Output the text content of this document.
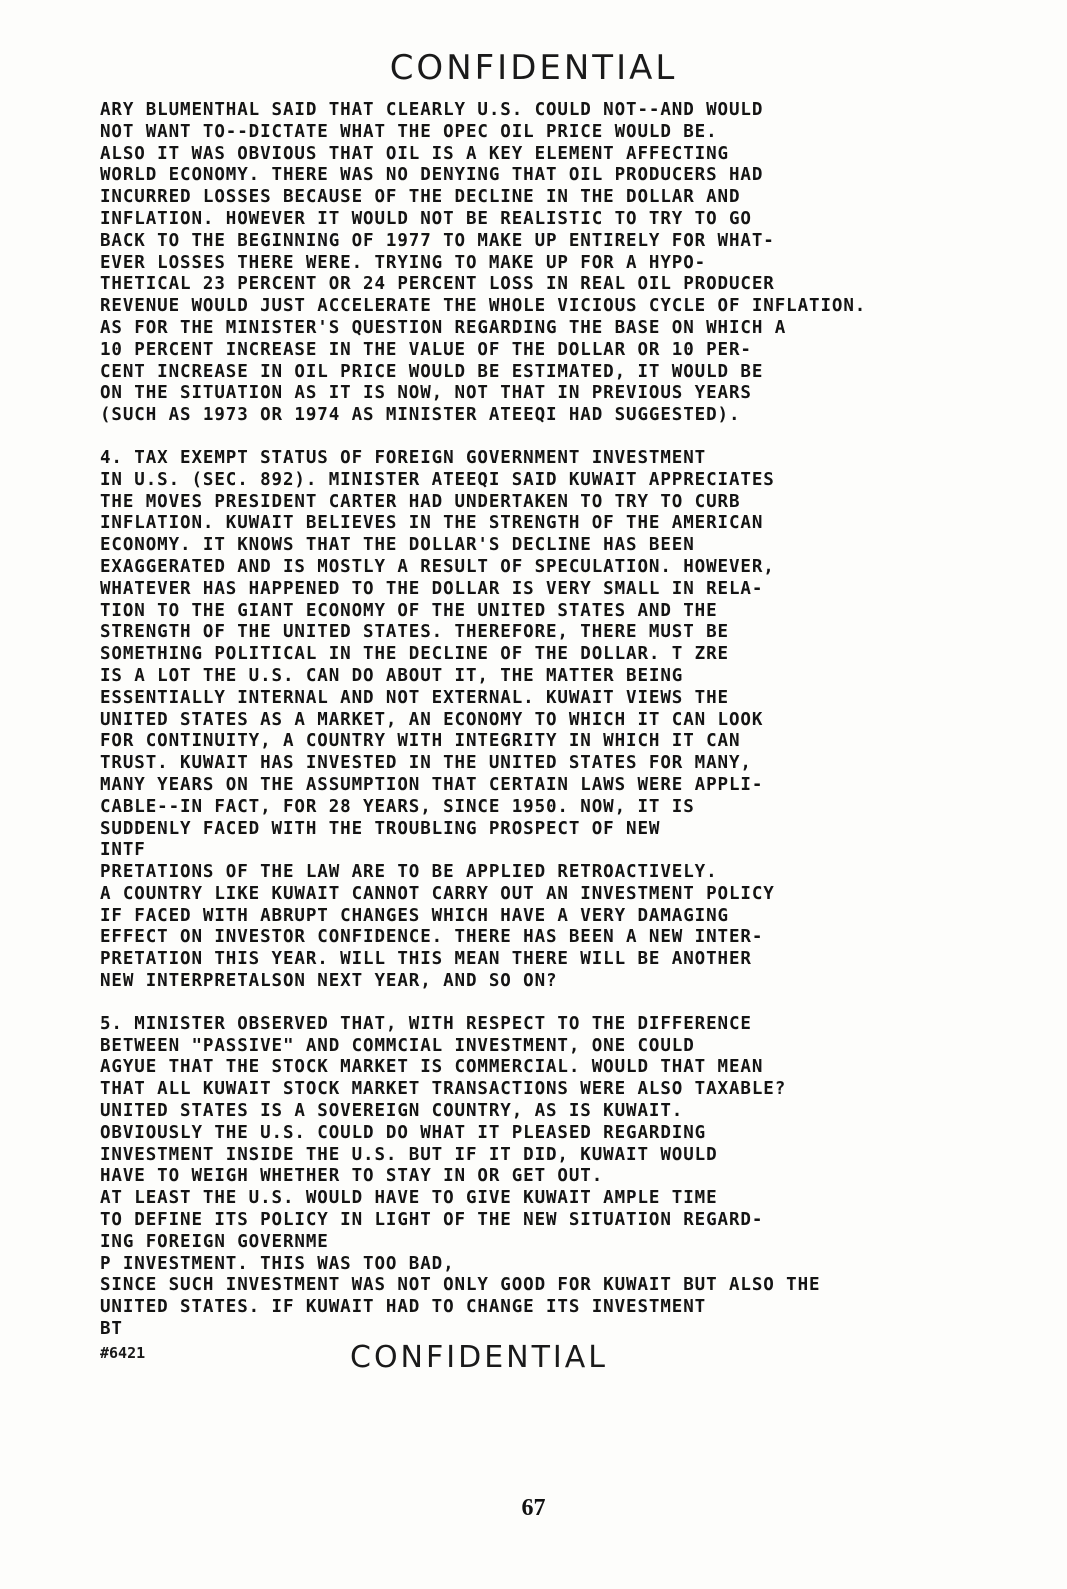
CONFIDENTIAL
ARY BLUMENTHAL SAID THAT CLEARLY U.S. COULD NOT--AND WOULD
NOT WANT TO--DICTATE WHAT THE OPEC OIL PRICE WOULD BE.
ALSO IT WAS OBVIOUS THAT OIL IS A KEY ELEMENT AFFECTING
WORLD ECONOMY. THERE WAS NO DENYING THAT OIL PRODUCERS HAD
INCURRED LOSSES BECAUSE OF THE DECLINE IN THE DOLLAR AND
INFLATION. HOWEVER IT WOULD NOT BE REALISTIC TO TRY TO GO
BACK TO THE BEGINNING OF 1977 TO MAKE UP ENTIRELY FOR WHAT-
EVER LOSSES THERE WERE. TRYING TO MAKE UP FOR A HYPO-
THETICAL 23 PERCENT OR 24 PERCENT LOSS IN REAL OIL PRODUCER
REVENUE WOULD JUST ACCELERATE THE WHOLE VICIOUS CYCLE OF INFLATION.
AS FOR THE MINISTER'S QUESTION REGARDING THE BASE ON WHICH A
10 PERCENT INCREASE IN THE VALUE OF THE DOLLAR OR 10 PER-
CENT INCREASE IN OIL PRICE WOULD BE ESTIMATED, IT WOULD BE
ON THE SITUATION AS IT IS NOW, NOT THAT IN PREVIOUS YEARS
(SUCH AS 1973 OR 1974 AS MINISTER ATEEQI HAD SUGGESTED).
4. TAX EXEMPT STATUS OF FOREIGN GOVERNMENT INVESTMENT
IN U.S. (SEC. 892). MINISTER ATEEQI SAID KUWAIT APPRECIATES
THE MOVES PRESIDENT CARTER HAD UNDERTAKEN TO TRY TO CURB
INFLATION. KUWAIT BELIEVES IN THE STRENGTH OF THE AMERICAN
ECONOMY. IT KNOWS THAT THE DOLLAR'S DECLINE HAS BEEN
EXAGGERATED AND IS MOSTLY A RESULT OF SPECULATION. HOWEVER,
WHATEVER HAS HAPPENED TO THE DOLLAR IS VERY SMALL IN RELA-
TION TO THE GIANT ECONOMY OF THE UNITED STATES AND THE
STRENGTH OF THE UNITED STATES. THEREFORE, THERE MUST BE
SOMETHING POLITICAL IN THE DECLINE OF THE DOLLAR. T ZRE
IS A LOT THE U.S. CAN DO ABOUT IT, THE MATTER BEING
ESSENTIALLY INTERNAL AND NOT EXTERNAL. KUWAIT VIEWS THE
UNITED STATES AS A MARKET, AN ECONOMY TO WHICH IT CAN LOOK
FOR CONTINUITY, A COUNTRY WITH INTEGRITY IN WHICH IT CAN
TRUST. KUWAIT HAS INVESTED IN THE UNITED STATES FOR MANY,
MANY YEARS ON THE ASSUMPTION THAT CERTAIN LAWS WERE APPLI-
CABLE--IN FACT, FOR 28 YEARS, SINCE 1950. NOW, IT IS
SUDDENLY FACED WITH THE TROUBLING PROSPECT OF NEW
INTF
PRETATIONS OF THE LAW ARE TO BE APPLIED RETROACTIVELY.
A COUNTRY LIKE KUWAIT CANNOT CARRY OUT AN INVESTMENT POLICY
IF FACED WITH ABRUPT CHANGES WHICH HAVE A VERY DAMAGING
EFFECT ON INVESTOR CONFIDENCE. THERE HAS BEEN A NEW INTER-
PRETATION THIS YEAR. WILL THIS MEAN THERE WILL BE ANOTHER
NEW INTERPRETALSON NEXT YEAR, AND SO ON?
5. MINISTER OBSERVED THAT, WITH RESPECT TO THE DIFFERENCE
BETWEEN "PASSIVE" AND COMMCIAL INVESTMENT, ONE COULD
AGYUE THAT THE STOCK MARKET IS COMMERCIAL. WOULD THAT MEAN
THAT ALL KUWAIT STOCK MARKET TRANSACTIONS WERE ALSO TAXABLE?
UNITED STATES IS A SOVEREIGN COUNTRY, AS IS KUWAIT.
OBVIOUSLY THE U.S. COULD DO WHAT IT PLEASED REGARDING
INVESTMENT INSIDE THE U.S. BUT IF IT DID, KUWAIT WOULD
HAVE TO WEIGH WHETHER TO STAY IN OR GET OUT.
AT LEAST THE U.S. WOULD HAVE TO GIVE KUWAIT AMPLE TIME
TO DEFINE ITS POLICY IN LIGHT OF THE NEW SITUATION REGARD-
ING FOREIGN GOVERNME
P INVESTMENT. THIS WAS TOO BAD,
SINCE SUCH INVESTMENT WAS NOT ONLY GOOD FOR KUWAIT BUT ALSO THE
UNITED STATES. IF KUWAIT HAD TO CHANGE ITS INVESTMENT
BT
#6421	CONFIDENTIAL
67
